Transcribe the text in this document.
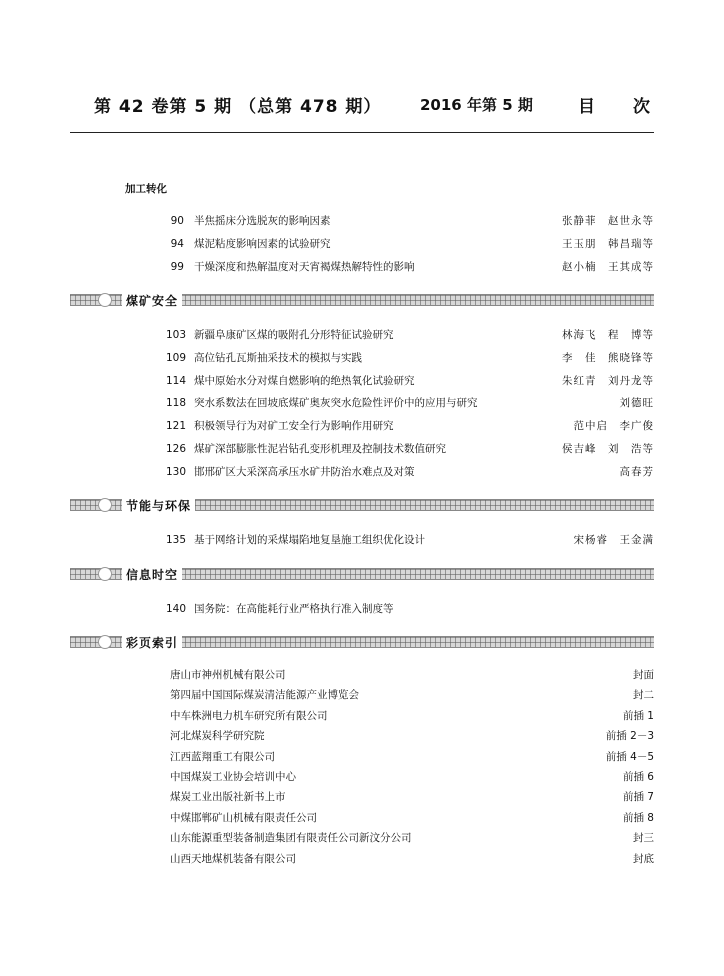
第 42 卷第 5 期 （总第 478 期）	2016 年第 5 期	目次
加工转化
90 半焦摇床分选脱灰的影响因素	张静菲　赵世永等
94 煤泥粘度影响因素的试验研究	王玉朋　韩昌瑞等
99 干燥深度和热解温度对天宵褐煤热解特性的影响	赵小楠　王其成等
煤矿安全
103 新疆阜康矿区煤的吸附孔分形特征试验研究	林海飞　程　博等
109 高位钻孔瓦斯抽采技术的模拟与实践	李　佳　熊晓锋等
114 煤中原始水分对煤自燃影响的绝热氧化试验研究	朱红青　刘丹龙等
118 突水系数法在回坡底煤矿奥灰突水危险性评价中的应用与研究	刘德旺
121 积极领导行为对矿工安全行为影响作用研究	范中启　李广俊
126 煤矿深部膨胀性泥岩钻孔变形机理及控制技术数值研究	侯吉峰　刘　浩等
130 邯邢矿区大采深高承压水矿井防治水难点及对策	高春芳
节能与环保
135 基于网络计划的采煤塌陷地复垦施工组织优化设计	宋杨睿　王金满
信息时空
140 国务院：在高能耗行业严格执行准入制度等
彩页索引
唐山市神州机械有限公司	封面
第四届中国国际煤炭清洁能源产业博览会	封二
中车株洲电力机车研究所有限公司	前插 1
河北煤炭科学研究院	前插 2－3
江西蓝翔重工有限公司	前插 4－5
中国煤炭工业协会培训中心	前插 6
煤炭工业出版社新书上市	前插 7
中煤邯郸矿山机械有限责任公司	前插 8
山东能源重型装备制造集团有限责任公司新汶分公司	封三
山西天地煤机装备有限公司	封底
